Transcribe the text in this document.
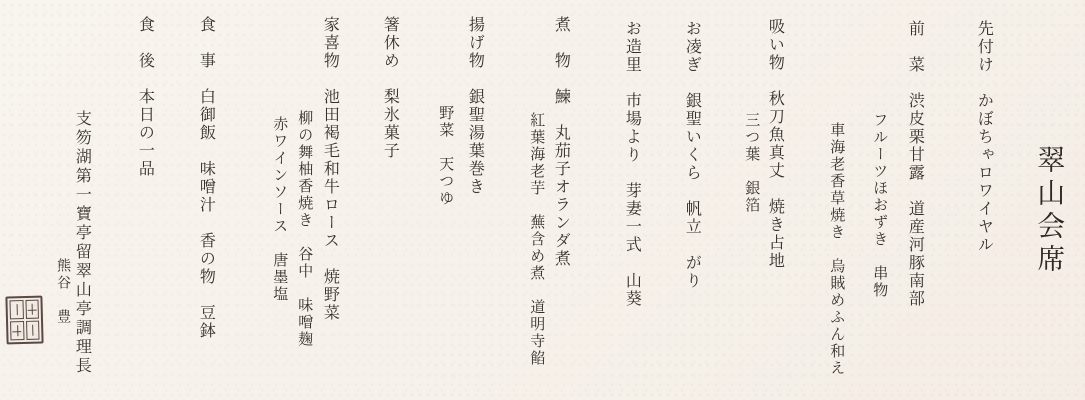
翠山会席
先付け　かぼちゃロワイヤル
前　菜　渋皮栗甘露　道産河豚南部
フルーツほおずき　串物
車海老香草焼き　烏賊めふん和え
吸い物　秋刀魚真丈　焼き占地
三つ葉　銀箔
お凌ぎ　銀聖いくら　帆立　がり
お造里　市場より　芽妻一式　山葵
煮　物　鰊　丸茄子オランダ煮
紅葉海老芋　蕪含め煮　道明寺餡
揚げ物　銀聖湯葉巻き
野菜　天つゆ
箸休め　梨氷菓子
家喜物　池田褐毛和牛ロース　焼野菜
柳の舞柚香焼き　谷中　味噌麹
赤ワインソース　唐墨塩
食　事　白御飯　味噌汁　香の物　豆鉢
食　後　本日の一品
支笏湖第一寶亭留翠山亭調理長
熊谷　豊
